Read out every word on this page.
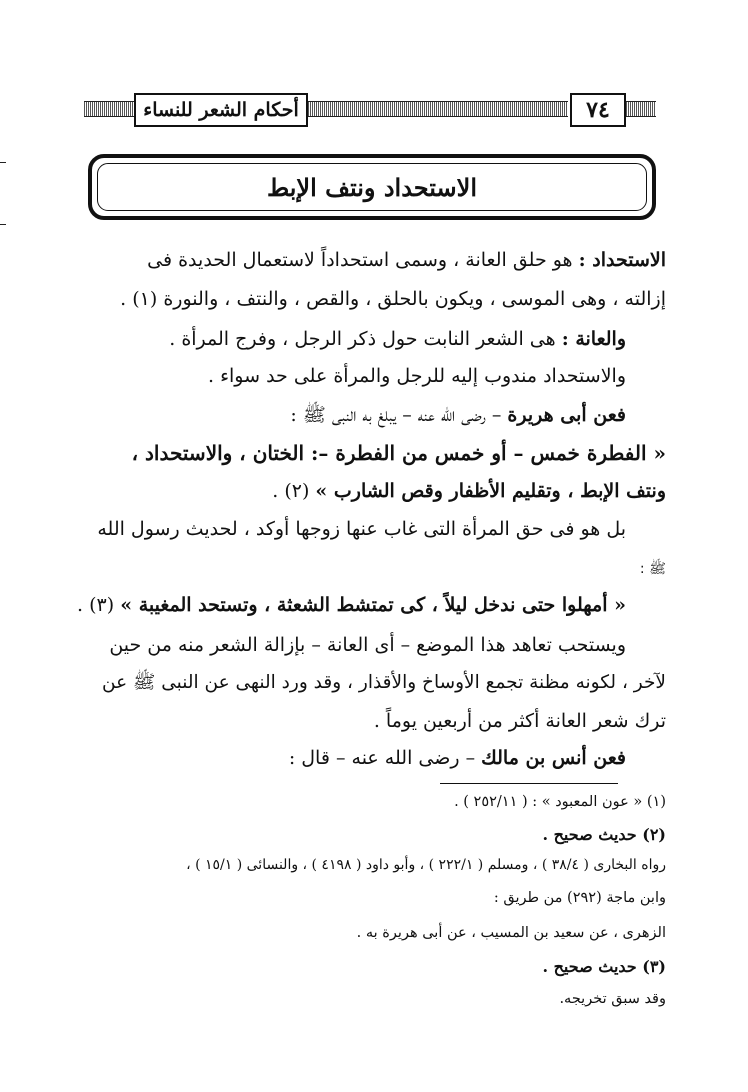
أحكام الشعر للنساء	٧٤
الاستحداد ونتف الإبط
الاستحداد : هو حلق العانة ، وسمى استحداداً لاستعمال الحديدة فى
إزالته ، وهى الموسى ، ويكون بالحلق ، والقص ، والنتف ، والنورة (١) .
والعانة : هى الشعر النابت حول ذكر الرجل ، وفرج المرأة .
والاستحداد مندوب إليه للرجل والمرأة على حد سواء .
فعن أبى هريرة – رضى الله عنه – يبلغ به النبى ﷺ :
« الفطرة خمس – أو خمس من الفطرة –: الختان ، والاستحداد ،
ونتف الإبط ، وتقليم الأظفار وقص الشارب » (٢) .
بل هو فى حق المرأة التى غاب عنها زوجها أوكد ، لحديث رسول الله
ﷺ :
« أمهلوا حتى ندخل ليلاً ، كى تمتشط الشعثة ، وتستحد المغيبة » (٣) .
ويستحب تعاهد هذا الموضع – أى العانة – بإزالة الشعر منه من حين
لآخر ، لكونه مظنة تجمع الأوساخ والأقذار ، وقد ورد النهى عن النبى ﷺ عن
ترك شعر العانة أكثر من أربعين يوماً .
فعن أنس بن مالك – رضى الله عنه – قال :
(١) « عون المعبود » : ( ٢٥٢/١١ ) .
(٢) حديث صحيح .
رواه البخارى ( ٣٨/٤ ) ، ومسلم ( ٢٢٢/١ ) ، وأبو داود ( ٤١٩٨ ) ، والنسائى ( ١٥/١ ) ،
وابن ماجة (٢٩٢) من طريق :
الزهرى ، عن سعيد بن المسيب ، عن أبى هريرة به .
(٣) حديث صحيح .
وقد سبق تخريجه.
